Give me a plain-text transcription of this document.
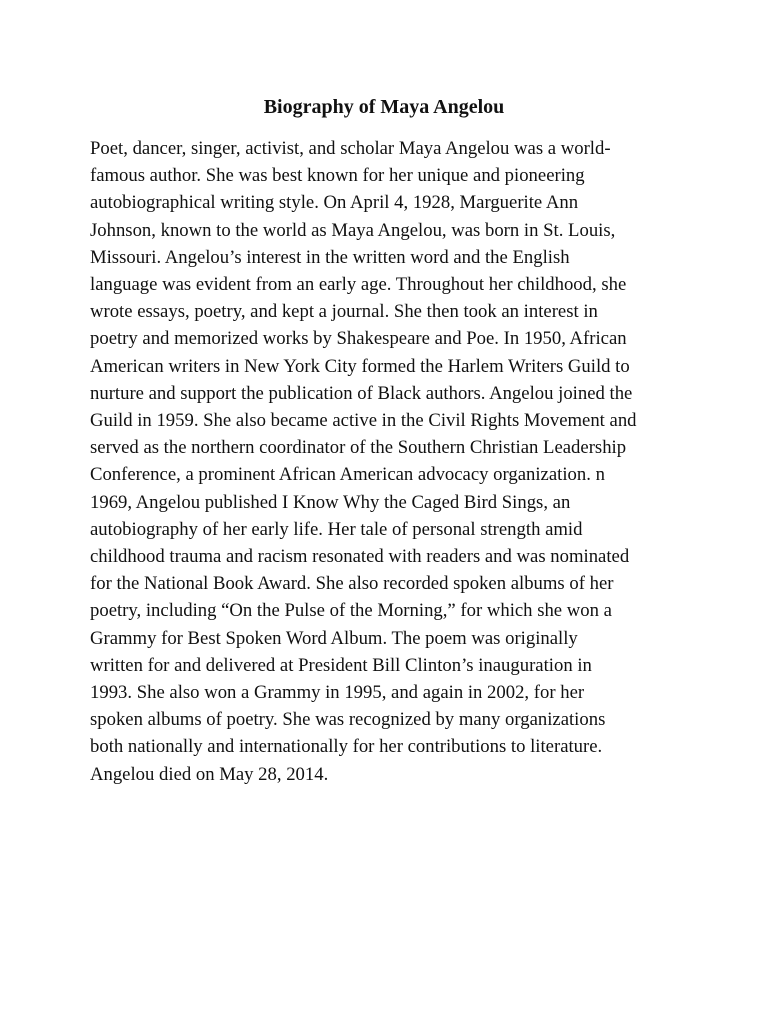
Biography of Maya Angelou
Poet, dancer, singer, activist, and scholar Maya Angelou was a world-
famous author. She was best known for her unique and pioneering
autobiographical writing style. On April 4, 1928, Marguerite Ann
Johnson, known to the world as Maya Angelou, was born in St. Louis,
Missouri. Angelou’s interest in the written word and the English
language was evident from an early age. Throughout her childhood, she
wrote essays, poetry, and kept a journal. She then took an interest in
poetry and memorized works by Shakespeare and Poe. In 1950, African
American writers in New York City formed the Harlem Writers Guild to
nurture and support the publication of Black authors. Angelou joined the
Guild in 1959. She also became active in the Civil Rights Movement and
served as the northern coordinator of the Southern Christian Leadership
Conference, a prominent African American advocacy organization. n
1969, Angelou published I Know Why the Caged Bird Sings, an
autobiography of her early life. Her tale of personal strength amid
childhood trauma and racism resonated with readers and was nominated
for the National Book Award. She also recorded spoken albums of her
poetry, including “On the Pulse of the Morning,” for which she won a
Grammy for Best Spoken Word Album. The poem was originally
written for and delivered at President Bill Clinton’s inauguration in
1993. She also won a Grammy in 1995, and again in 2002, for her
spoken albums of poetry. She was recognized by many organizations
both nationally and internationally for her contributions to literature.
Angelou died on May 28, 2014.
